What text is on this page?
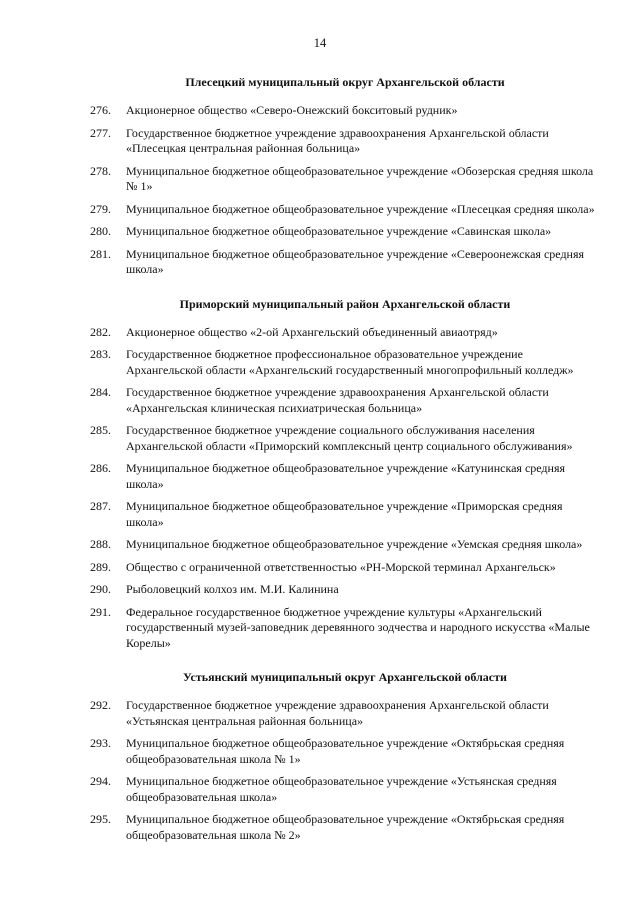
14
Плесецкий муниципальный округ Архангельской области
276.	Акционерное общество «Северо-Онежский бокситовый рудник»
277.	Государственное бюджетное учреждение здравоохранения Архангельской области «Плесецкая центральная районная больница»
278.	Муниципальное бюджетное общеобразовательное учреждение «Обозерская средняя школа № 1»
279.	Муниципальное бюджетное общеобразовательное учреждение «Плесецкая средняя школа»
280.	Муниципальное бюджетное общеобразовательное учреждение «Савинская школа»
281.	Муниципальное бюджетное общеобразовательное учреждение «Североонежская средняя школа»
Приморский муниципальный район Архангельской области
282.	Акционерное общество «2-ой Архангельский объединенный авиаотряд»
283.	Государственное бюджетное профессиональное образовательное учреждение Архангельской области «Архангельский государственный многопрофильный колледж»
284.	Государственное бюджетное учреждение здравоохранения Архангельской области «Архангельская клиническая психиатрическая больница»
285.	Государственное бюджетное учреждение социального обслуживания населения Архангельской области «Приморский комплексный центр социального обслуживания»
286.	Муниципальное бюджетное общеобразовательное учреждение «Катунинская средняя школа»
287.	Муниципальное бюджетное общеобразовательное учреждение «Приморская средняя школа»
288.	Муниципальное бюджетное общеобразовательное учреждение «Уемская средняя школа»
289.	Общество с ограниченной ответственностью «РН-Морской терминал Архангельск»
290.	Рыболовецкий колхоз им. М.И. Калинина
291.	Федеральное государственное бюджетное учреждение культуры «Архангельский государственный музей-заповедник деревянного зодчества и народного искусства «Малые Корелы»
Устьянский муниципальный округ Архангельской области
292.	Государственное бюджетное учреждение здравоохранения Архангельской области «Устьянская центральная районная больница»
293.	Муниципальное бюджетное общеобразовательное учреждение «Октябрьская средняя общеобразовательная школа № 1»
294.	Муниципальное бюджетное общеобразовательное учреждение «Устьянская средняя общеобразовательная школа»
295.	Муниципальное бюджетное общеобразовательное учреждение «Октябрьская средняя общеобразовательная школа № 2»
